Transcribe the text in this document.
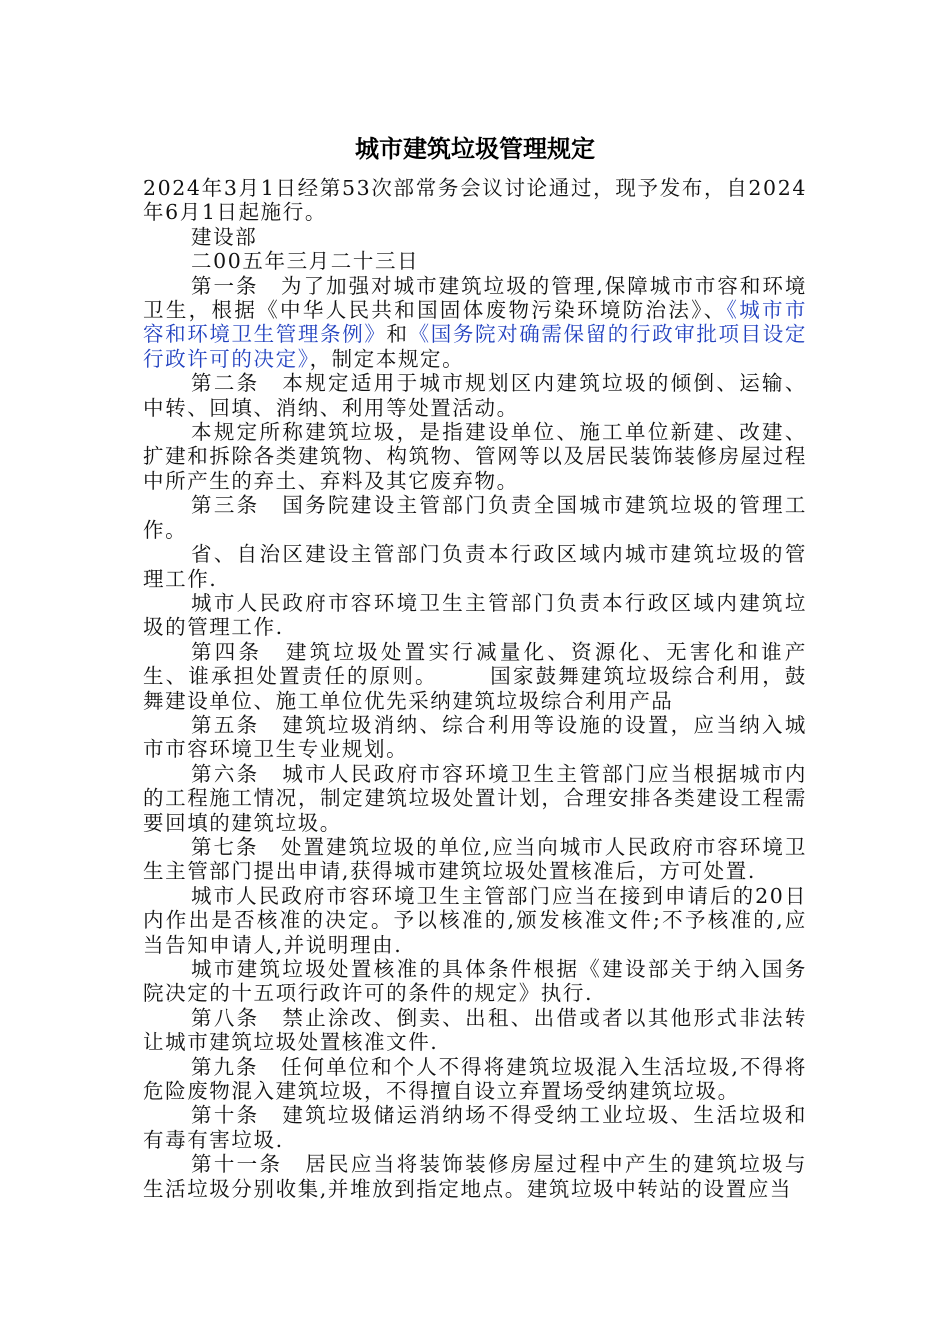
城市建筑垃圾管理规定

2024年3月1日经第53次部常务会议讨论通过，现予发布，自2024年6月1日起施行。

建设部

二00五年三月二十三日

第一条　为了加强对城市建筑垃圾的管理,保障城市市容和环境卫生，根据《中华人民共和国固体废物污染环境防治法》、《城市市容和环境卫生管理条例》和《国务院对确需保留的行政审批项目设定行政许可的决定》，制定本规定。

第二条　本规定适用于城市规划区内建筑垃圾的倾倒、运输、中转、回填、消纳、利用等处置活动。

本规定所称建筑垃圾，是指建设单位、施工单位新建、改建、扩建和拆除各类建筑物、构筑物、管网等以及居民装饰装修房屋过程中所产生的弃土、弃料及其它废弃物。

第三条　国务院建设主管部门负责全国城市建筑垃圾的管理工作。

省、自治区建设主管部门负责本行政区域内城市建筑垃圾的管理工作.

城市人民政府市容环境卫生主管部门负责本行政区域内建筑垃圾的管理工作.

第四条　建筑垃圾处置实行减量化、资源化、无害化和谁产生、谁承担处置责任的原则。	国家鼓舞建筑垃圾综合利用，鼓舞建设单位、施工单位优先采纳建筑垃圾综合利用产品

第五条　建筑垃圾消纳、综合利用等设施的设置，应当纳入城市市容环境卫生专业规划。

第六条　城市人民政府市容环境卫生主管部门应当根据城市内的工程施工情况，制定建筑垃圾处置计划，合理安排各类建设工程需要回填的建筑垃圾。

第七条　处置建筑垃圾的单位,应当向城市人民政府市容环境卫生主管部门提出申请,获得城市建筑垃圾处置核准后，方可处置.

城市人民政府市容环境卫生主管部门应当在接到申请后的20日内作出是否核准的决定。予以核准的,颁发核准文件;不予核准的,应当告知申请人,并说明理由.

城市建筑垃圾处置核准的具体条件根据《建设部关于纳入国务院决定的十五项行政许可的条件的规定》执行.

第八条　禁止涂改、倒卖、出租、出借或者以其他形式非法转让城市建筑垃圾处置核准文件.

第九条　任何单位和个人不得将建筑垃圾混入生活垃圾,不得将危险废物混入建筑垃圾，不得擅自设立弃置场受纳建筑垃圾。

第十条　建筑垃圾储运消纳场不得受纳工业垃圾、生活垃圾和有毒有害垃圾.

第十一条　居民应当将装饰装修房屋过程中产生的建筑垃圾与生活垃圾分别收集,并堆放到指定地点。建筑垃圾中转站的设置应当
